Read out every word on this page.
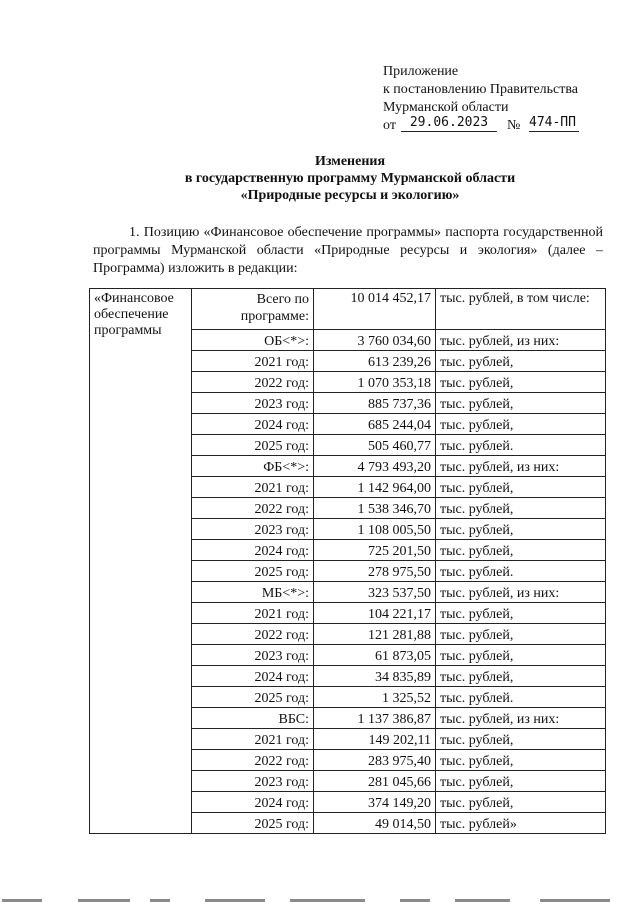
Приложение
к постановлению Правительства
Мурманской области
от	29.06.2023	№ 474-ПП
Изменения
в государственную программу Мурманской области
«Природные ресурсы и экологию»
1. Позицию «Финансовое обеспечение программы» паспорта государственной программы Мурманской области «Природные ресурсы и экология» (далее – Программа) изложить в редакции:
«Финансовое обеспечение программы	Всего по программе:	10 014 452,17	тыс. рублей, в том числе:
	ОБ<*>:	3 760 034,60	тыс. рублей, из них:
	2021 год:	613 239,26	тыс. рублей,
	2022 год:	1 070 353,18	тыс. рублей,
	2023 год:	885 737,36	тыс. рублей,
	2024 год:	685 244,04	тыс. рублей,
	2025 год:	505 460,77	тыс. рублей.
	ФБ<*>:	4 793 493,20	тыс. рублей, из них:
	2021 год:	1 142 964,00	тыс. рублей,
	2022 год:	1 538 346,70	тыс. рублей,
	2023 год:	1 108 005,50	тыс. рублей,
	2024 год:	725 201,50	тыс. рублей,
	2025 год:	278 975,50	тыс. рублей.
	МБ<*>:	323 537,50	тыс. рублей, из них:
	2021 год:	104 221,17	тыс. рублей,
	2022 год:	121 281,88	тыс. рублей,
	2023 год:	61 873,05	тыс. рублей,
	2024 год:	34 835,89	тыс. рублей,
	2025 год:	1 325,52	тыс. рублей.
	ВБС:	1 137 386,87	тыс. рублей, из них:
	2021 год:	149 202,11	тыс. рублей,
	2022 год:	283 975,40	тыс. рублей,
	2023 год:	281 045,66	тыс. рублей,
	2024 год:	374 149,20	тыс. рублей,
	2025 год:	49 014,50	тыс. рублей»
